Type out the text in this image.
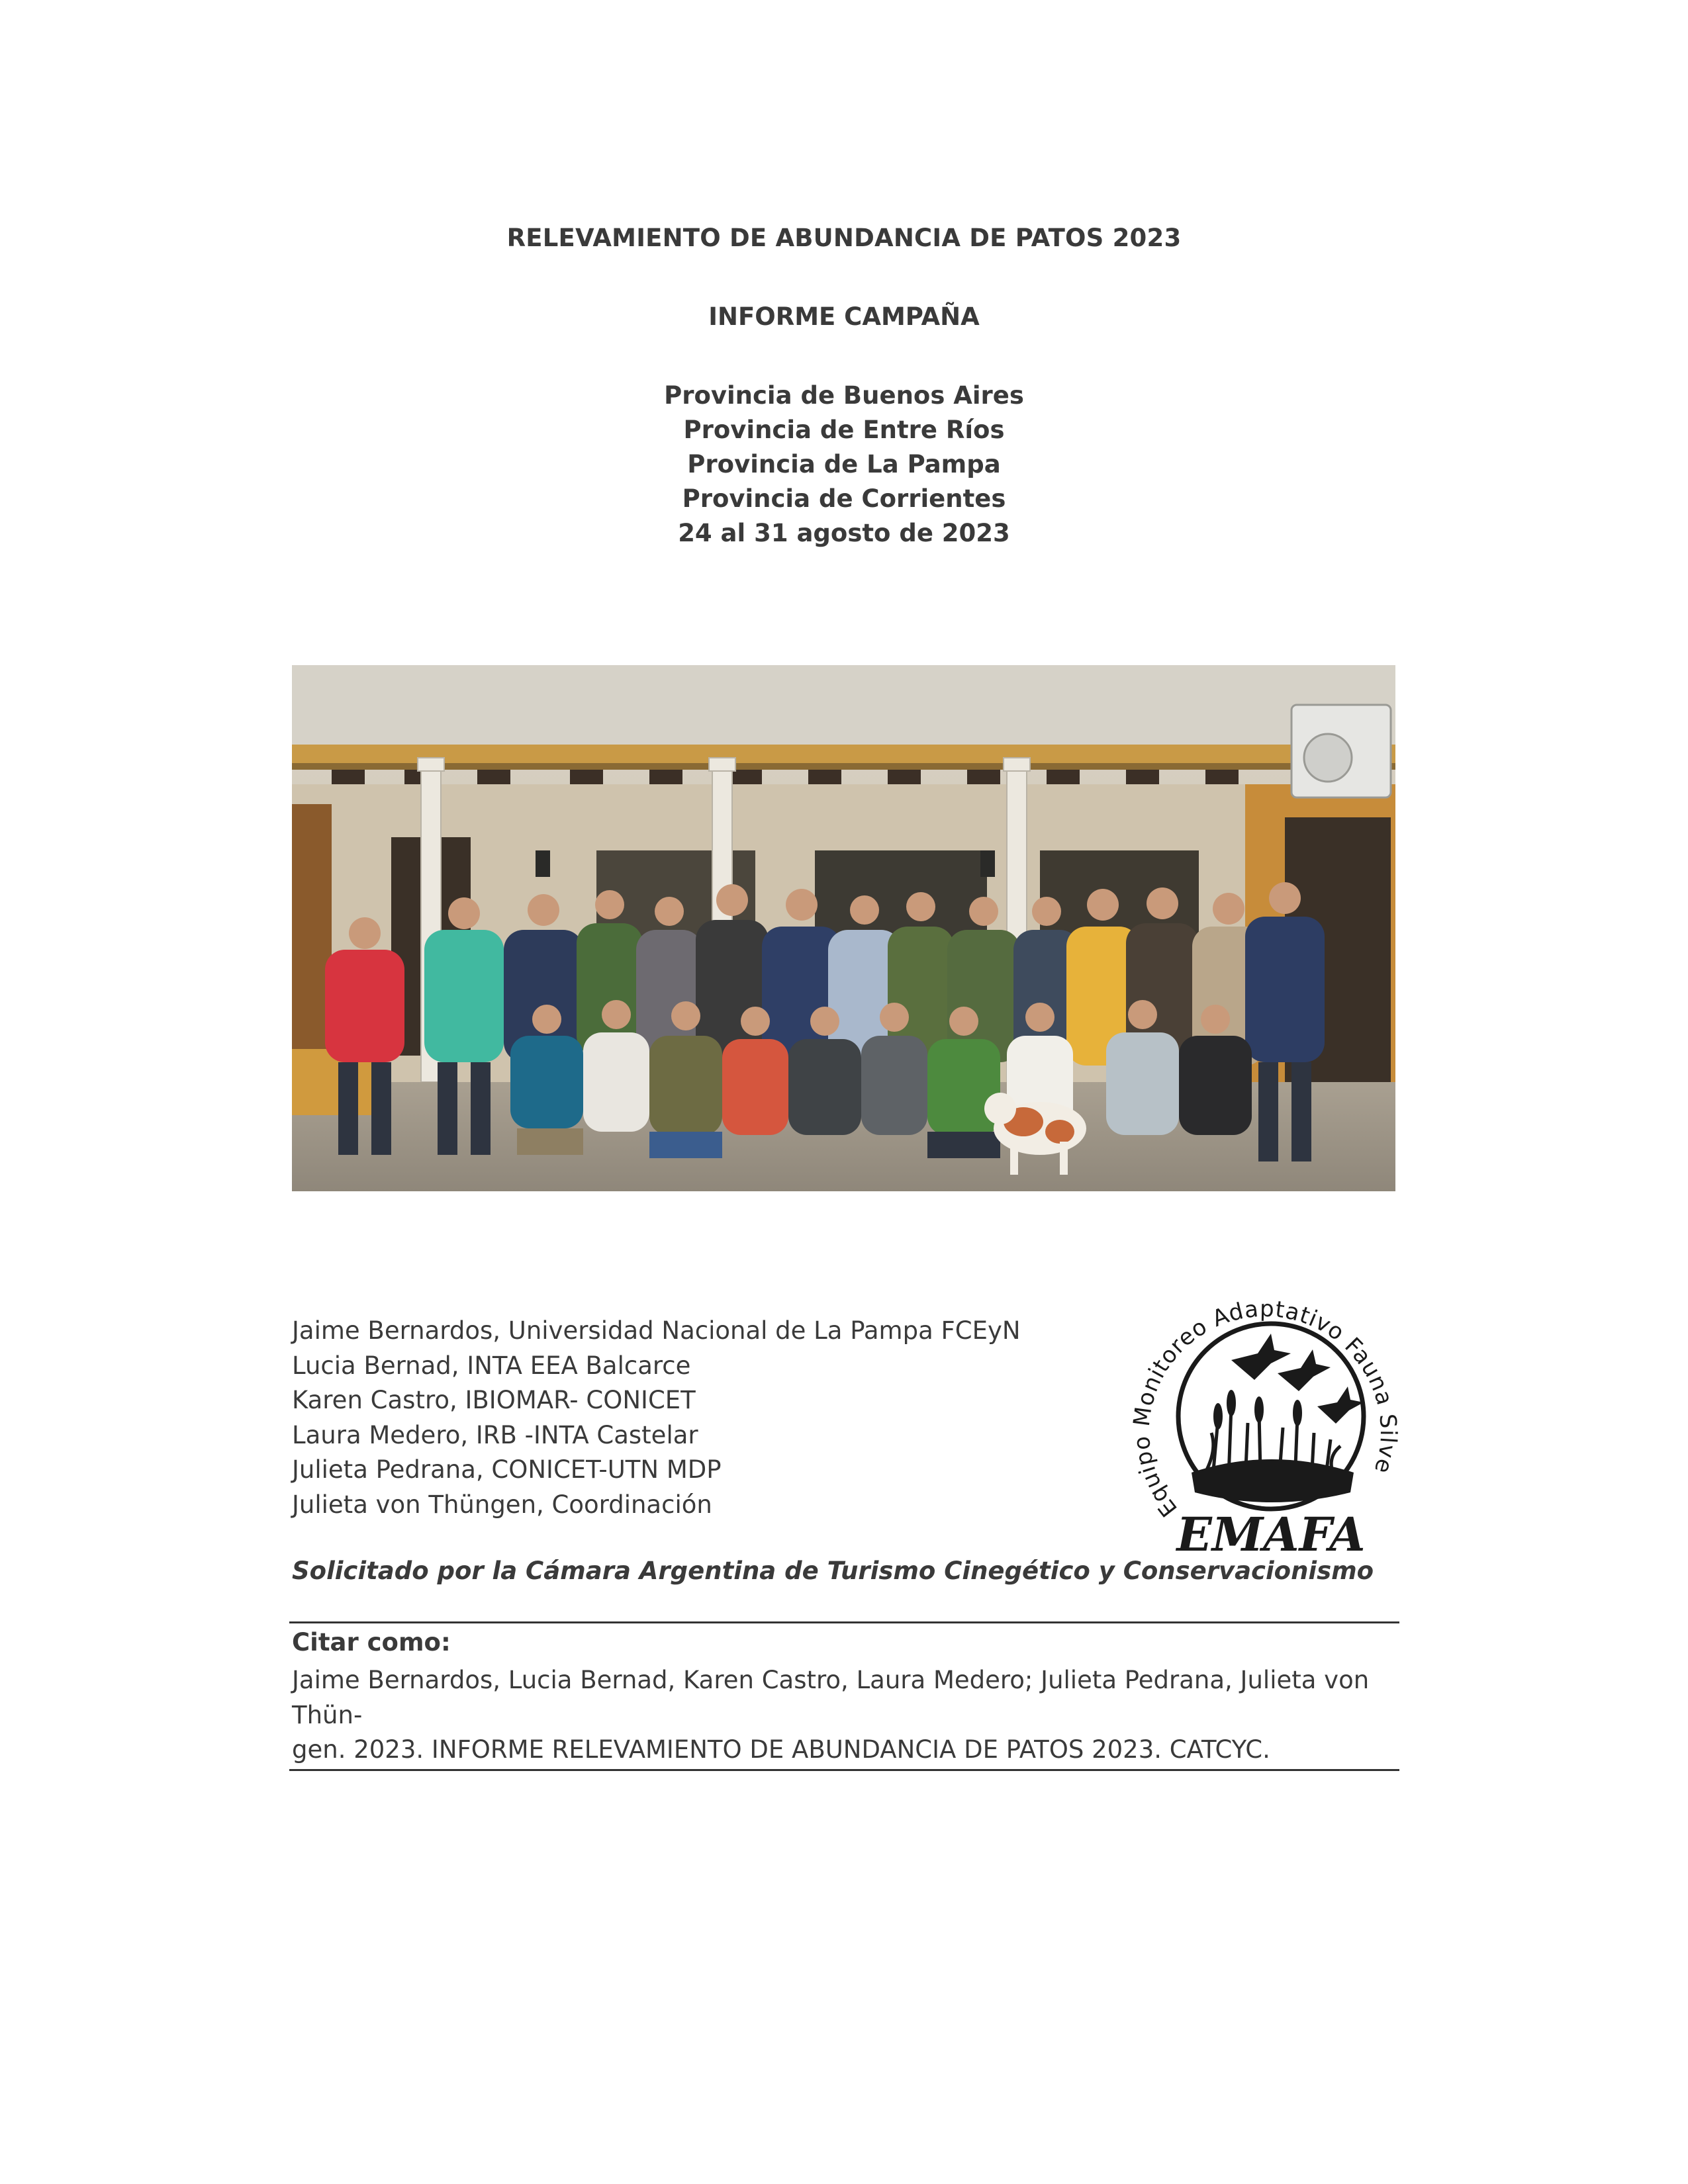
RELEVAMIENTO DE ABUNDANCIA DE PATOS 2023
INFORME CAMPAÑA
Provincia de Buenos Aires
Provincia de Entre Ríos
Provincia de La Pampa
Provincia de Corrientes
24 al 31 agosto de 2023
Jaime Bernardos, Universidad Nacional de La Pampa FCEyN
Lucia Bernad, INTA EEA Balcarce
Karen Castro, IBIOMAR- CONICET
Laura Medero, IRB -INTA Castelar
Julieta Pedrana, CONICET-UTN MDP
Julieta von Thüngen, Coordinación	Equipo Monitoreo Adaptativo Fauna Silve
EMAFA
Solicitado por la Cámara Argentina de Turismo Cinegético y Conservacionismo
Citar como:
Jaime Bernardos, Lucia Bernad, Karen Castro, Laura Medero; Julieta Pedrana, Julieta von Thün-
gen. 2023. INFORME RELEVAMIENTO DE ABUNDANCIA DE PATOS 2023. CATCYC.
